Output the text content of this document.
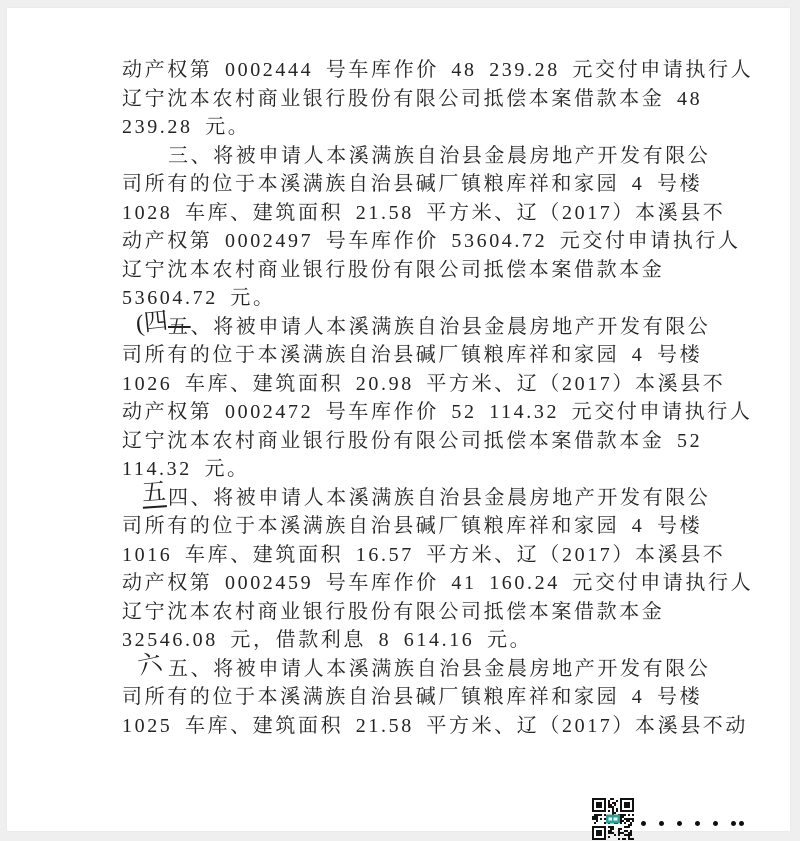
动产权第 0002444 号车库作价 48 239.28 元交付申请执行人
辽宁沈本农村商业银行股份有限公司抵偿本案借款本金 48
239.28 元。
三、将被申请人本溪满族自治县金晨房地产开发有限公
司所有的位于本溪满族自治县碱厂镇粮库祥和家园 4 号楼
1028 车库、建筑面积 21.58 平方米、辽（2017）本溪县不
动产权第 0002497 号车库作价 53604.72 元交付申请执行人
辽宁沈本农村商业银行股份有限公司抵偿本案借款本金
53604.72 元。
(四
五、将被申请人本溪满族自治县金晨房地产开发有限公
司所有的位于本溪满族自治县碱厂镇粮库祥和家园 4 号楼
1026 车库、建筑面积 20.98 平方米、辽（2017）本溪县不
动产权第 0002472 号车库作价 52 114.32 元交付申请执行人
辽宁沈本农村商业银行股份有限公司抵偿本案借款本金 52
114.32 元。
五 四、将被申请人本溪满族自治县金晨房地产开发有限公
司所有的位于本溪满族自治县碱厂镇粮库祥和家园 4 号楼
1016 车库、建筑面积 16.57 平方米、辽（2017）本溪县不
动产权第 0002459 号车库作价 41 160.24 元交付申请执行人
辽宁沈本农村商业银行股份有限公司抵偿本案借款本金
32546.08 元，借款利息 8 614.16 元。
六 五、将被申请人本溪满族自治县金晨房地产开发有限公
司所有的位于本溪满族自治县碱厂镇粮库祥和家园 4 号楼
1025 车库、建筑面积 21.58 平方米、辽（2017）本溪县不动
